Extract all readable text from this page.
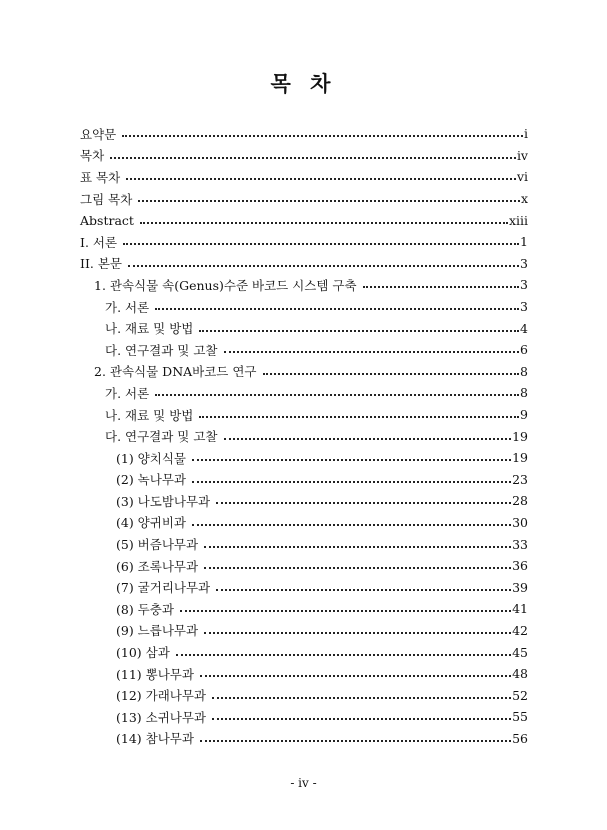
목 차
요약문	i
목차	iv
표 목차	vi
그림 목차	x
Abstract	xiii
I. 서론	1
II. 본문	3
1. 관속식물 속(Genus)수준 바코드 시스템 구축	3
가. 서론	3
나. 재료 및 방법	4
다. 연구결과 및 고찰	6
2. 관속식물 DNA바코드 연구	8
가. 서론	8
나. 재료 및 방법	9
다. 연구결과 및 고찰	19
(1) 양치식물	19
(2) 녹나무과	23
(3) 나도밤나무과	28
(4) 양귀비과	30
(5) 버즘나무과	33
(6) 조록나무과	36
(7) 굴거리나무과	39
(8) 두충과	41
(9) 느릅나무과	42
(10) 삼과	45
(11) 뽕나무과	48
(12) 가래나무과	52
(13) 소귀나무과	55
(14) 참나무과	56
- iv -
